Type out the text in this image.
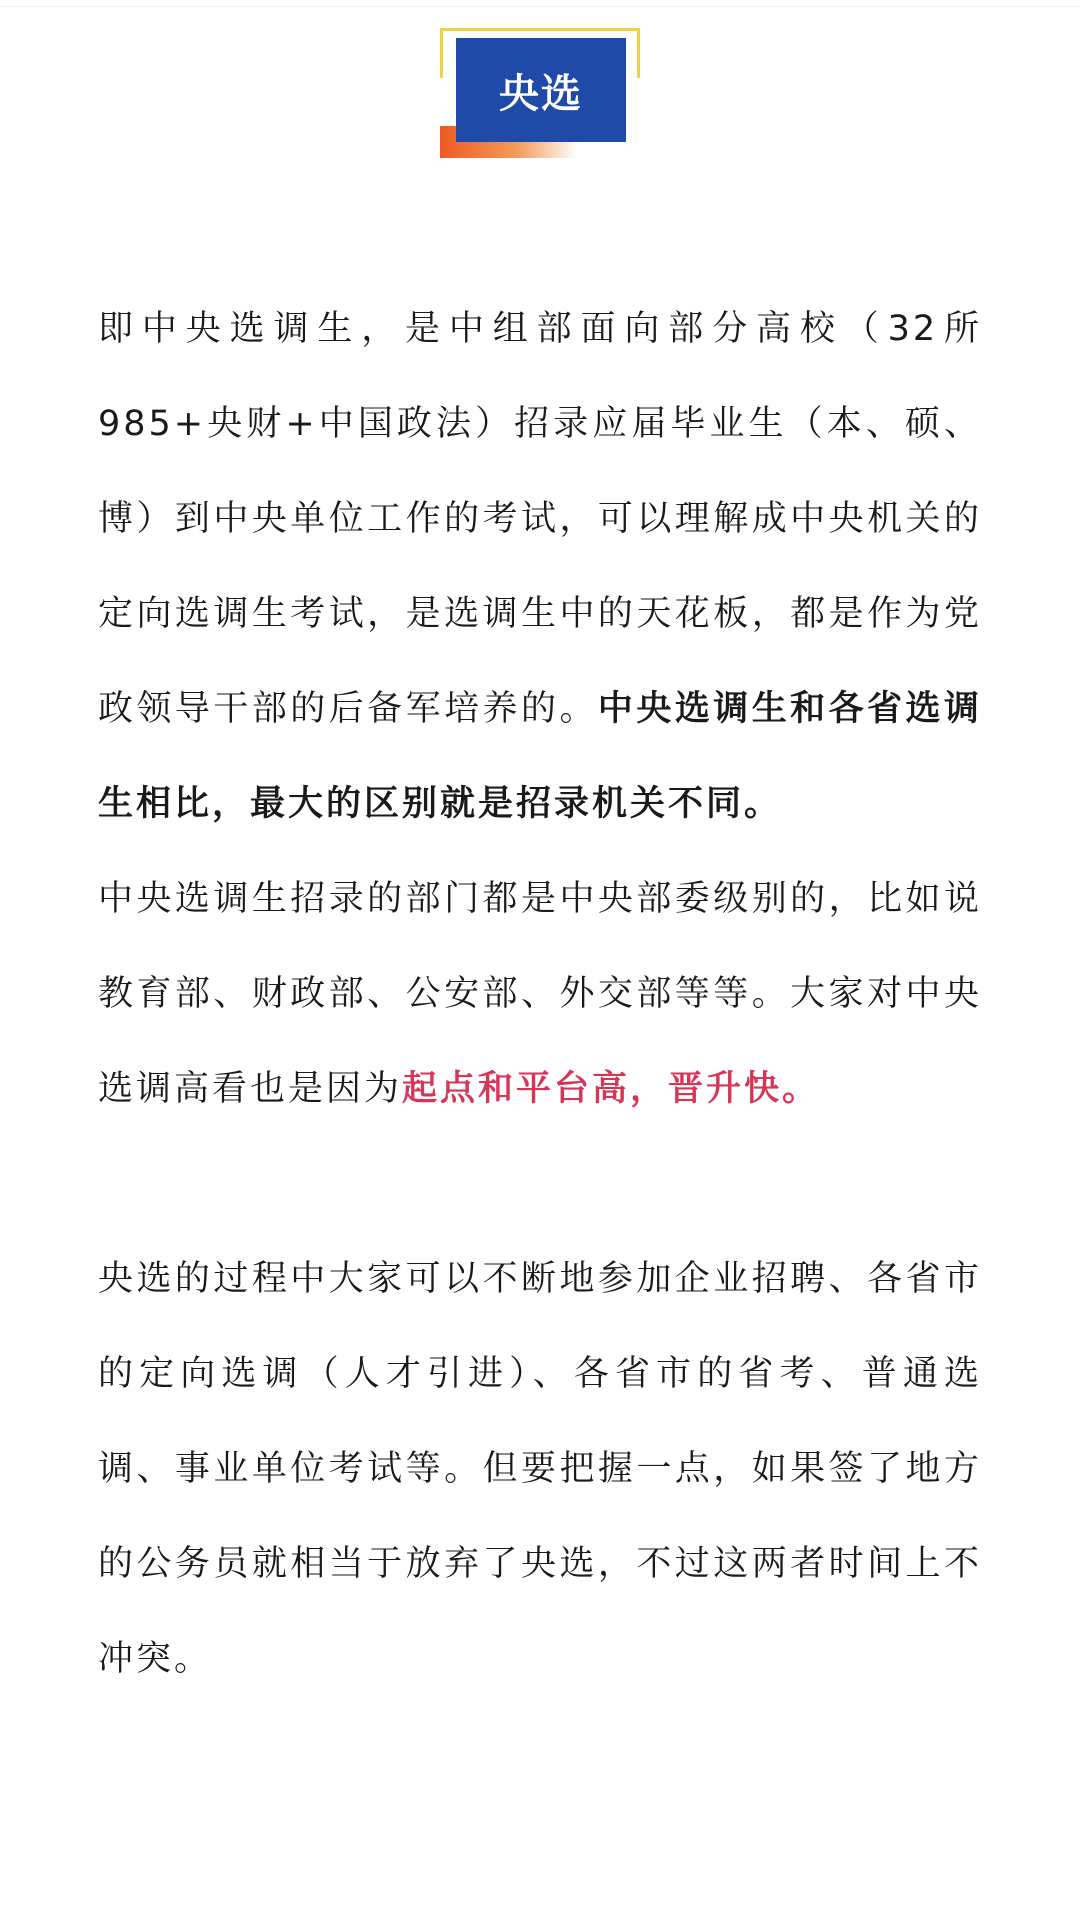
央选

即中央选调生，是中组部面向部分高校（32所985+央财+中国政法）招录应届毕业生（本、硕、博）到中央单位工作的考试，可以理解成中央机关的定向选调生考试，是选调生中的天花板，都是作为党政领导干部的后备军培养的。中央选调生和各省选调生相比，最大的区别就是招录机关不同。

中央选调生招录的部门都是中央部委级别的，比如说教育部、财政部、公安部、外交部等等。大家对中央选调高看也是因为起点和平台高，晋升快。

央选的过程中大家可以不断地参加企业招聘、各省市的定向选调（人才引进）、各省市的省考、普通选调、事业单位考试等。但要把握一点，如果签了地方的公务员就相当于放弃了央选，不过这两者时间上不冲突。
